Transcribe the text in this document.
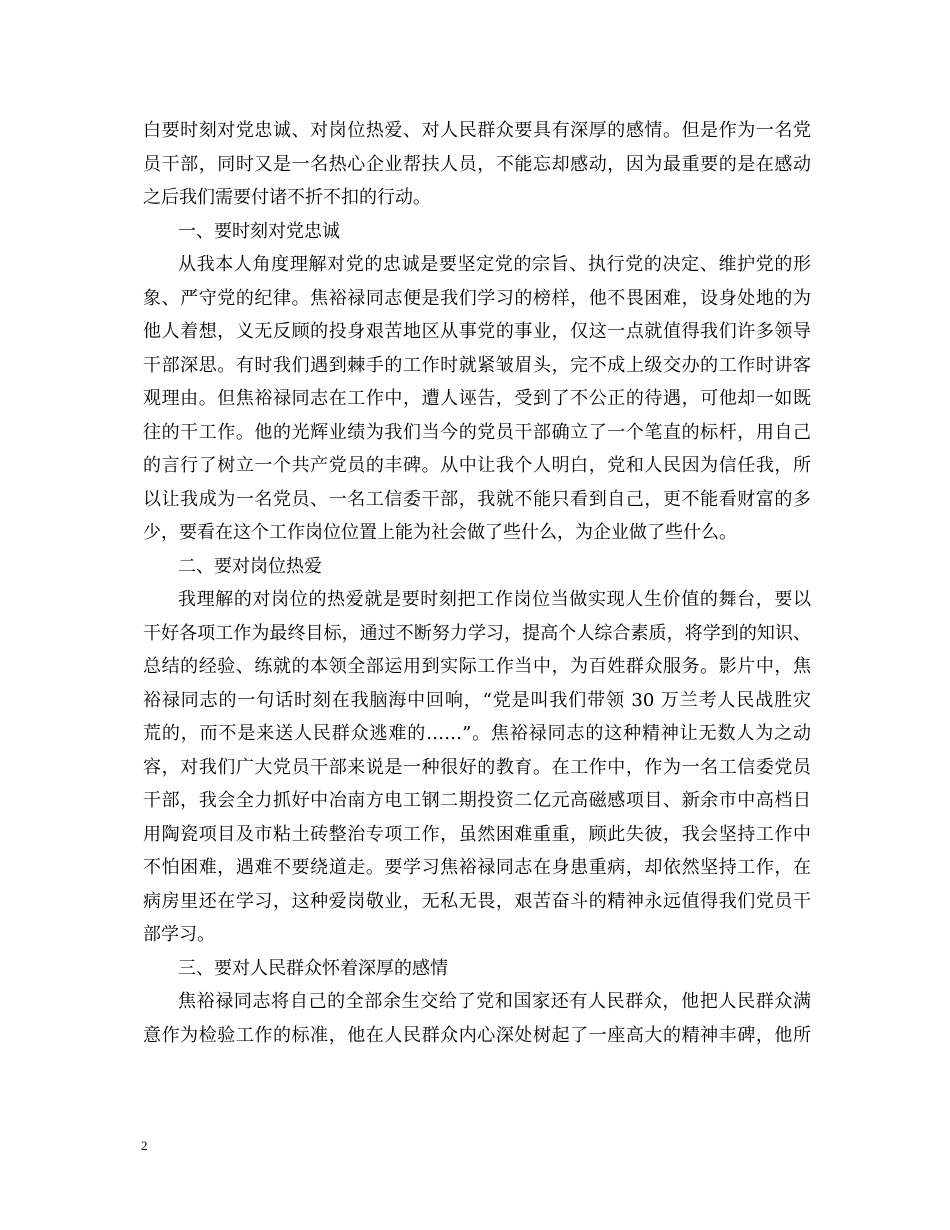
白要时刻对党忠诚、对岗位热爱、对人民群众要具有深厚的感情。但是作为一名党
员干部，同时又是一名热心企业帮扶人员，不能忘却感动，因为最重要的是在感动
之后我们需要付诸不折不扣的行动。
一、要时刻对党忠诚
从我本人角度理解对党的忠诚是要坚定党的宗旨、执行党的决定、维护党的形
象、严守党的纪律。焦裕禄同志便是我们学习的榜样，他不畏困难，设身处地的为
他人着想，义无反顾的投身艰苦地区从事党的事业，仅这一点就值得我们许多领导
干部深思。有时我们遇到棘手的工作时就紧皱眉头，完不成上级交办的工作时讲客
观理由。但焦裕禄同志在工作中，遭人诬告，受到了不公正的待遇，可他却一如既
往的干工作。他的光辉业绩为我们当今的党员干部确立了一个笔直的标杆，用自己
的言行了树立一个共产党员的丰碑。从中让我个人明白，党和人民因为信任我，所
以让我成为一名党员、一名工信委干部，我就不能只看到自己，更不能看财富的多
少，要看在这个工作岗位位置上能为社会做了些什么，为企业做了些什么。
二、要对岗位热爱
我理解的对岗位的热爱就是要时刻把工作岗位当做实现人生价值的舞台，要以
干好各项工作为最终目标，通过不断努力学习，提高个人综合素质，将学到的知识、
总结的经验、练就的本领全部运用到实际工作当中，为百姓群众服务。影片中，焦
裕禄同志的一句话时刻在我脑海中回响，“党是叫我们带领 30 万兰考人民战胜灾
荒的，而不是来送人民群众逃难的……”。焦裕禄同志的这种精神让无数人为之动
容，对我们广大党员干部来说是一种很好的教育。在工作中，作为一名工信委党员
干部，我会全力抓好中冶南方电工钢二期投资二亿元高磁感项目、新余市中高档日
用陶瓷项目及市粘土砖整治专项工作，虽然困难重重，顾此失彼，我会坚持工作中
不怕困难，遇难不要绕道走。要学习焦裕禄同志在身患重病，却依然坚持工作，在
病房里还在学习，这种爱岗敬业，无私无畏，艰苦奋斗的精神永远值得我们党员干
部学习。
三、要对人民群众怀着深厚的感情
焦裕禄同志将自己的全部余生交给了党和国家还有人民群众，他把人民群众满
意作为检验工作的标准，他在人民群众内心深处树起了一座高大的精神丰碑，他所
2
